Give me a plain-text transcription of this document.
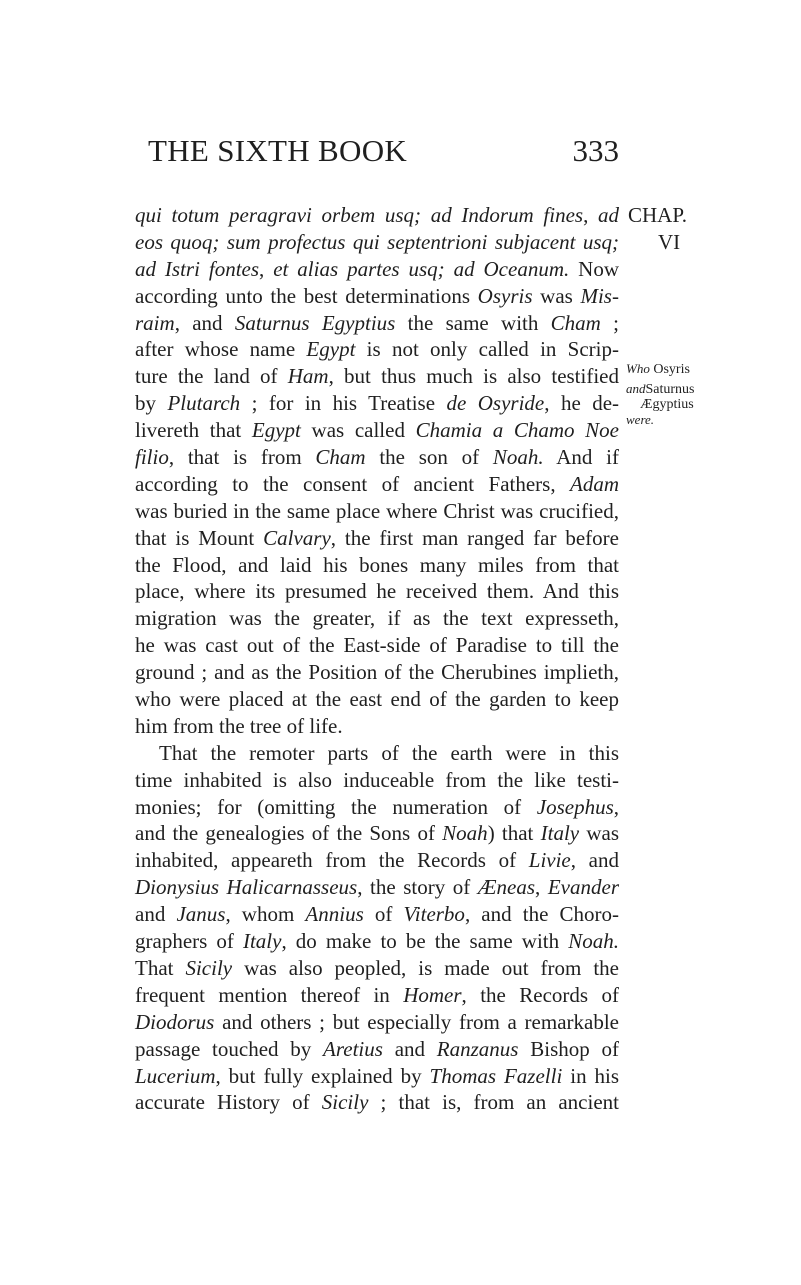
THE SIXTH BOOK	333
VI
Who Osyris
andSaturnus
Ægyptius
were.
qui totum peragravi orbem usq; ad Indorum fines, ad
eos quoq; sum profectus qui septentrioni subjacent usq;
ad Istri fontes, et alias partes usq; ad Oceanum. Now
according unto the best determinations Osyris was Mis-
raim, and Saturnus Egyptius the same with Cham ;
after whose name Egypt is not only called in Scrip-
ture the land of Ham, but thus much is also testified
by Plutarch ; for in his Treatise de Osyride, he de-
livereth that Egypt was called Chamia a Chamo Noe
filio, that is from Cham the son of Noah. And if
according to the consent of ancient Fathers, Adam
was buried in the same place where Christ was crucified,
that is Mount Calvary, the first man ranged far before
the Flood, and laid his bones many miles from that
place, where its presumed he received them. And this
migration was the greater, if as the text expresseth,
he was cast out of the East-side of Paradise to till the
ground ; and as the Position of the Cherubines implieth,
who were placed at the east end of the garden to keep
him from the tree of life.
That the remoter parts of the earth were in this
time inhabited is also induceable from the like testi-
monies; for (omitting the numeration of Josephus,
and the genealogies of the Sons of Noah) that Italy was
inhabited, appeareth from the Records of Livie, and
Dionysius Halicarnasseus, the story of Æneas, Evander
and Janus, whom Annius of Viterbo, and the Choro-
graphers of Italy, do make to be the same with Noah.
That Sicily was also peopled, is made out from the
frequent mention thereof in Homer, the Records of
Diodorus and others ; but especially from a remarkable
passage touched by Aretius and Ranzanus Bishop of
Lucerium, but fully explained by Thomas Fazelli in his
accurate History of Sicily ; that is, from an ancient
CHAP.
